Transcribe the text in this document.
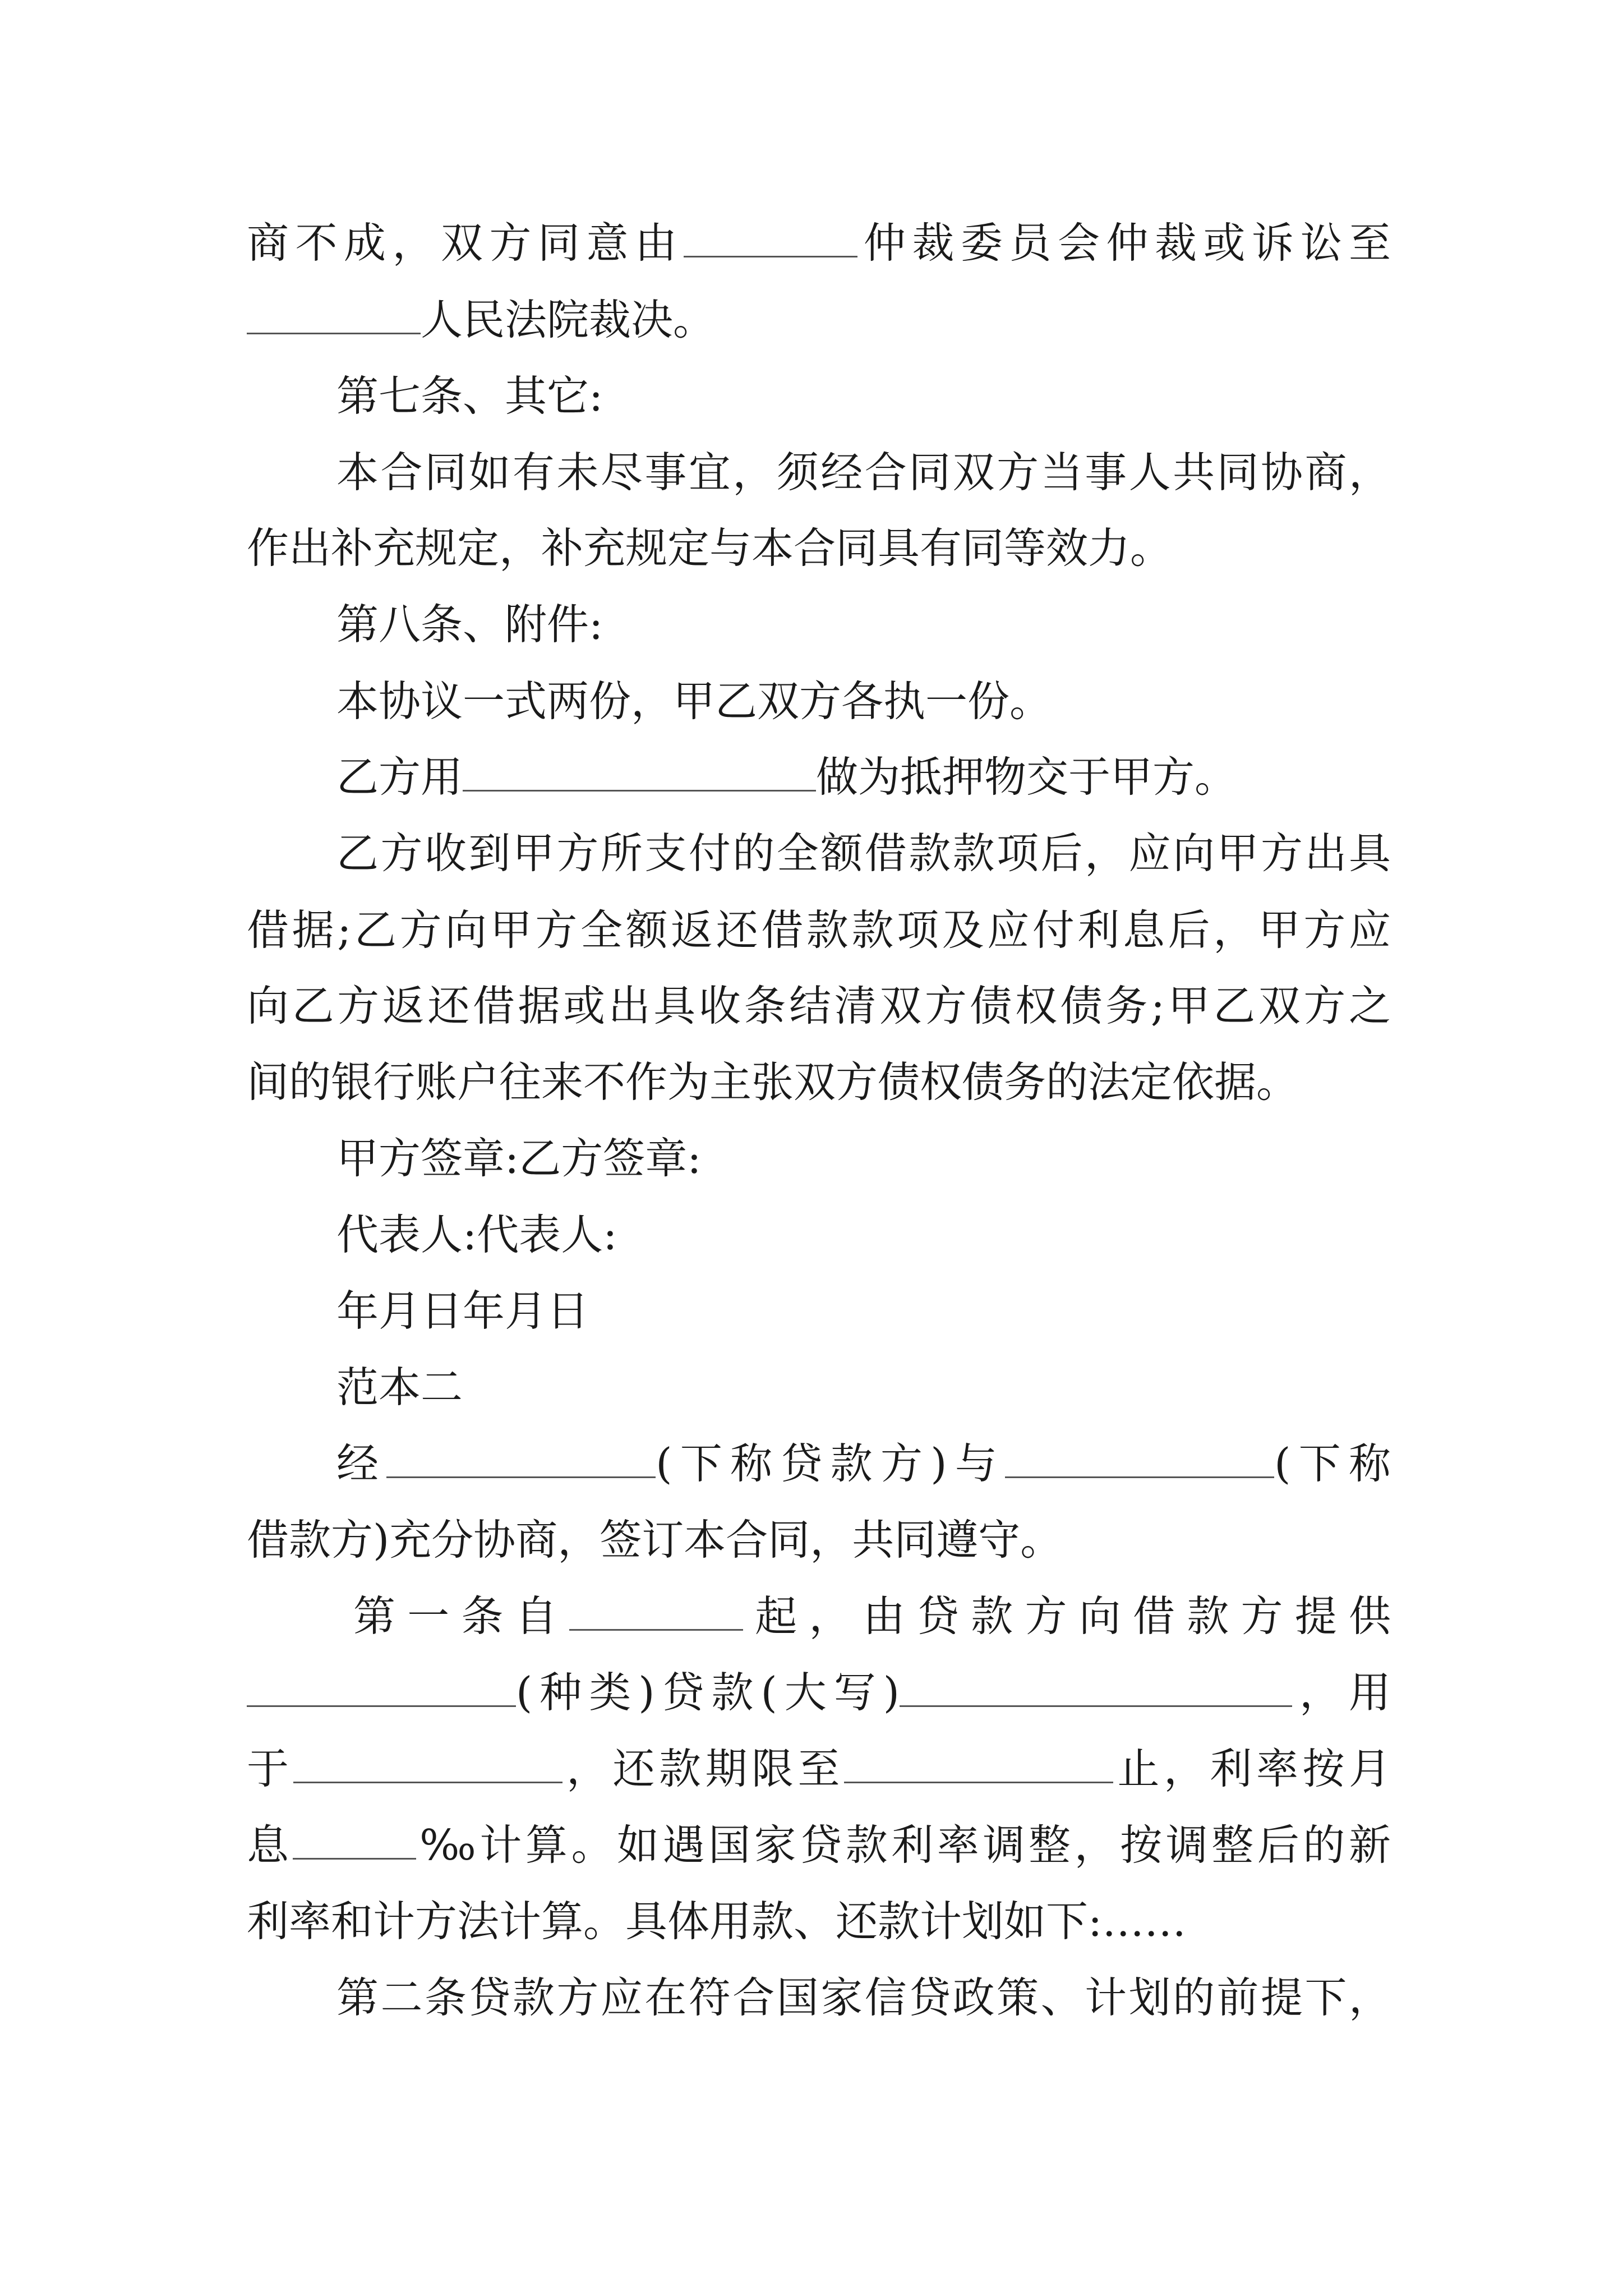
商不成，双方同意由	仲裁委员会仲裁或诉讼至
人民法院裁决。
第七条、其它:
本合同如有未尽事宜，须经合同双方当事人共同协商，
作出补充规定，补充规定与本合同具有同等效力。
第八条、附件:
本协议一式两份，甲乙双方各执一份。
乙方用	做为抵押物交于甲方。
乙方收到甲方所支付的全额借款款项后，应向甲方出具
借据;乙方向甲方全额返还借款款项及应付利息后，甲方应
向乙方返还借据或出具收条结清双方债权债务;甲乙双方之
间的银行账户往来不作为主张双方债权债务的法定依据。
甲方签章:乙方签章:
代表人:代表人:
年月日年月日
范本二
经	(下称贷款方)与	(下称
借款方)充分协商，签订本合同，共同遵守。
第一条自	起，由贷款方向借款方提供
(种类)贷款(大写)	，用
于	，还款期限至	止，利率按月
息	‰计算。如遇国家贷款利率调整，按调整后的新
利率和计方法计算。具体用款、还款计划如下:……
第二条贷款方应在符合国家信贷政策、计划的前提下，
